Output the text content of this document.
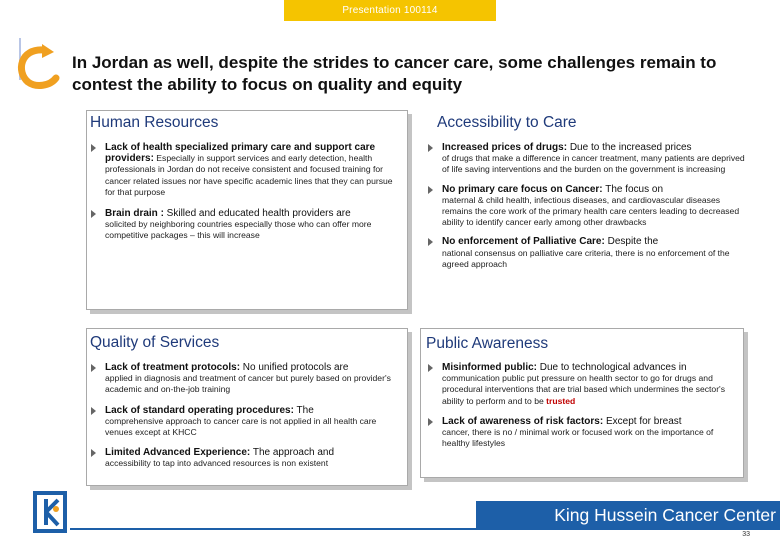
Presentation 100114
In Jordan as well, despite the strides to cancer care, some challenges remain to contest the ability to focus on quality and equity
Human Resources
Lack of health specialized primary care and support care providers: Especially in support services and early detection, health professionals in Jordan do not receive consistent and focused training for cancer related issues nor have specific academic lines that they can pursue for that purpose
Brain drain : Skilled and educated health providers are
solicited by neighboring countries especially those who can offer more competitive packages – this will increase
Accessibility to Care
Increased prices of drugs: Due to the increased prices
of drugs that make a difference in cancer treatment, many patients are deprived of life saving interventions and the burden on the government is increasing
No primary care focus on Cancer: The focus on
maternal & child health, infectious diseases, and cardiovascular diseases remains the core work of the primary health care centers leading to decreased ability to identify cancer early among other drawbacks
No enforcement of Palliative Care: Despite the
national consensus on palliative care criteria, there is no enforcement of the agreed approach
Quality of Services
Lack of treatment protocols: No unified protocols are
applied in diagnosis and treatment of cancer but purely based on provider's academic and on-the-job training
Lack of standard operating procedures: The
comprehensive approach to cancer care is not applied in all health care venues except at KHCC
Limited Advanced Experience: The approach and
accessibility to tap into advanced resources is non existent
Public Awareness
Misinformed public: Due to technological advances in
communication public put pressure on health sector to go for drugs and procedural interventions that are trial based which undermines the sector's ability to perform and to be trusted
Lack of awareness of risk factors: Except for breast
cancer, there is no / minimal work or focused work on the importance of healthy lifestyles
King Hussein Cancer Center
33
